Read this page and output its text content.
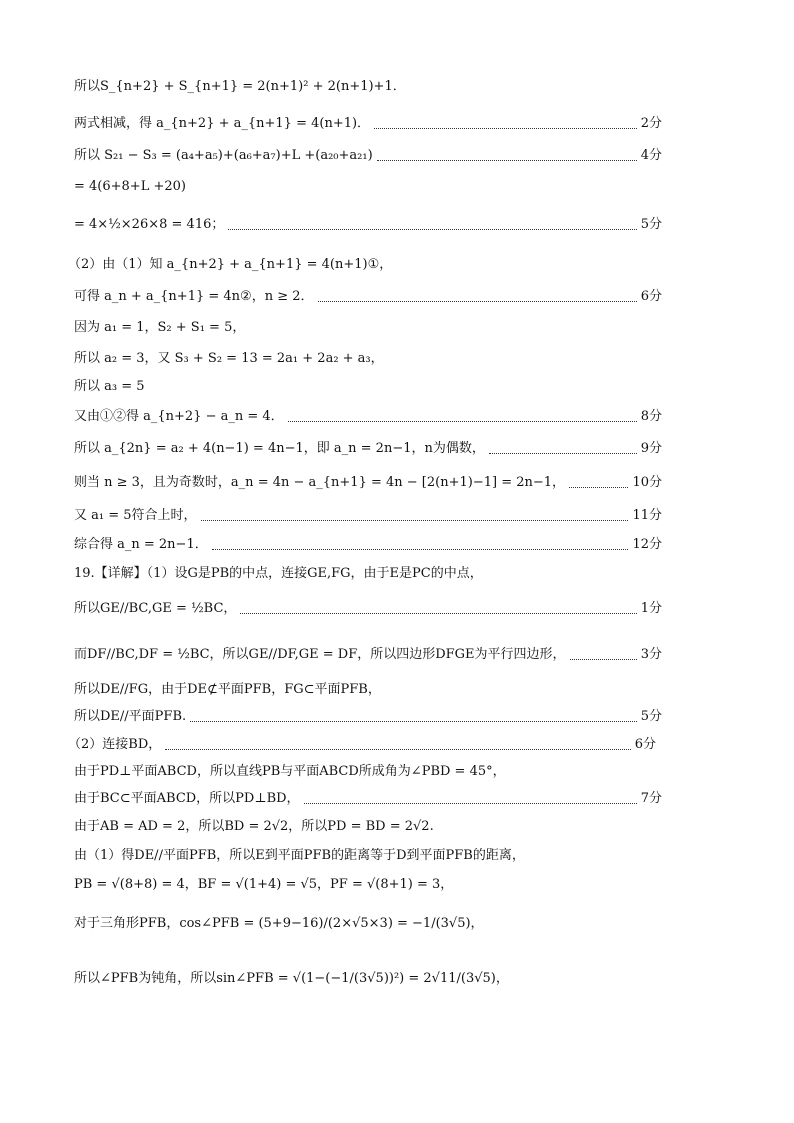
所以S_{n+2} + S_{n+1} = 2(n+1)² + 2(n+1)+1．
两式相减，得 a_{n+2} + a_{n+1} = 4(n+1)．	2分
所以 S₂₁ − S₃ = (a₄+a₅)+(a₆+a₇)+L +(a₂₀+a₂₁)	4分
= 4(6+8+L +20)
= 4×½×26×8 = 416；	5分
（2）由（1）知 a_{n+2} + a_{n+1} = 4(n+1)①，
可得 a_n + a_{n+1} = 4n②，n ≥ 2．	6分
因为 a₁ = 1，S₂ + S₁ = 5，
所以 a₂ = 3，又 S₃ + S₂ = 13 = 2a₁ + 2a₂ + a₃，
所以 a₃ = 5
又由①②得 a_{n+2} − a_n = 4．	8分
所以 a_{2n} = a₂ + 4(n−1) = 4n−1，即 a_n = 2n−1，n为偶数，	9分
则当 n ≥ 3，且为奇数时，a_n = 4n − a_{n+1} = 4n − [2(n+1)−1] = 2n−1，	10分
又 a₁ = 5符合上时，	11分
综合得 a_n = 2n−1．	12分
19.【详解】（1）设G是PB的中点，连接GE,FG，由于E是PC的中点，
所以GE//BC,GE = ½BC，	1分
而DF//BC,DF = ½BC，所以GE//DF,GE = DF，所以四边形DFGE为平行四边形，	3分
所以DE//FG，由于DE⊄平面PFB，FG⊂平面PFB，
所以DE//平面PFB.	5分
（2）连接BD，	6分
由于PD⊥平面ABCD，所以直线PB与平面ABCD所成角为∠PBD = 45°，
由于BC⊂平面ABCD，所以PD⊥BD，	7分
由于AB = AD = 2，所以BD = 2√2，所以PD = BD = 2√2.
由（1）得DE//平面PFB，所以E到平面PFB的距离等于D到平面PFB的距离，
PB = √(8+8) = 4，BF = √(1+4) = √5，PF = √(8+1) = 3，
对于三角形PFB，cos∠PFB = (5+9−16)/(2×√5×3) = −1/(3√5)，
所以∠PFB为钝角，所以sin∠PFB = √(1−(−1/(3√5))²) = 2√11/(3√5)，
